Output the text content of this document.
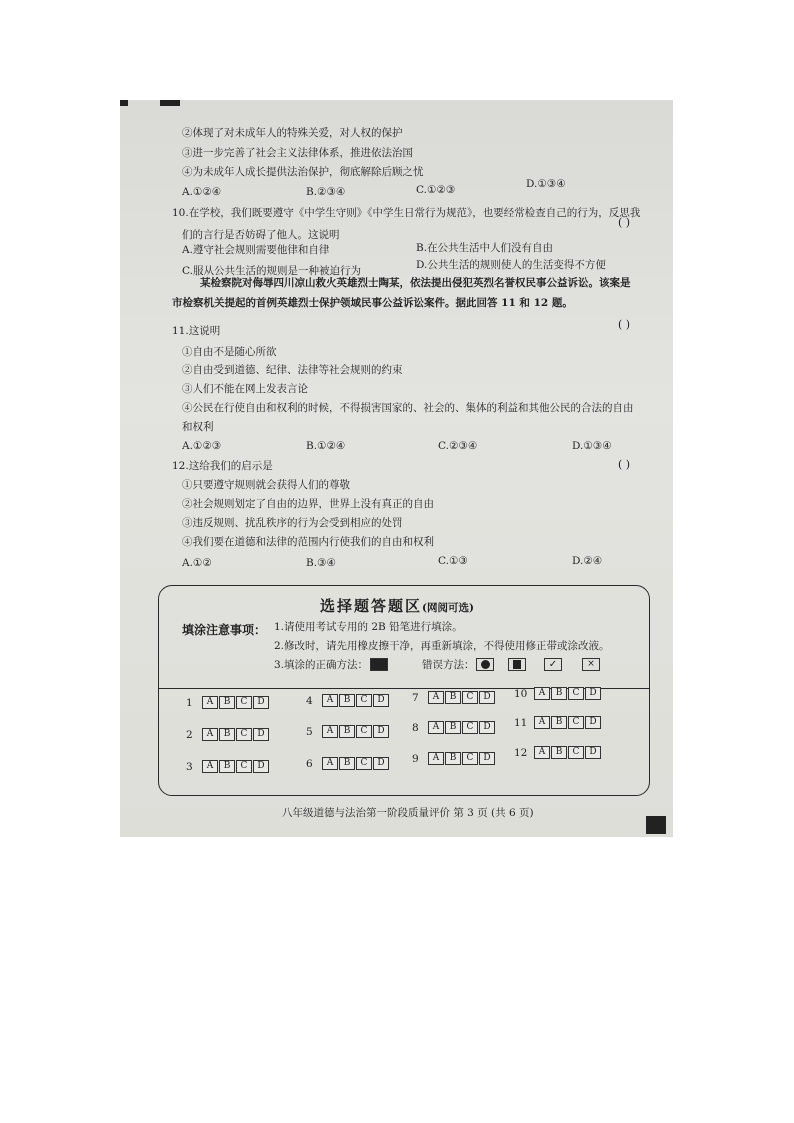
②体现了对未成年人的特殊关爱，对人权的保护
③进一步完善了社会主义法律体系，推进依法治国
④为未成年人成长提供法治保护，彻底解除后顾之忧
A.①②④	B.②③④	C.①②③	D.①③④
10.在学校，我们既要遵守《中学生守则》《中学生日常行为规范》，也要经常检查自己的行为，反思我
( )
们的言行是否妨碍了他人。这说明
A.遵守社会规则需要他律和自律	B.在公共生活中人们没有自由
C.服从公共生活的规则是一种被迫行为	D.公共生活的规则使人的生活变得不方便
某检察院对侮辱四川凉山救火英雄烈士陶某，依法提出侵犯英烈名誉权民事公益诉讼。该案是
市检察机关提起的首例英雄烈士保护领域民事公益诉讼案件。据此回答 11 和 12 题。
11.这说明	( )
①自由不是随心所欲
②自由受到道德、纪律、法律等社会规则的约束
③人们不能在网上发表言论
④公民在行使自由和权利的时候，不得损害国家的、社会的、集体的利益和其他公民的合法的自由
和权利
A.①②③	B.①②④	C.②③④	D.①③④
12.这给我们的启示是	( )
①只要遵守规则就会获得人们的尊敬
②社会规则划定了自由的边界，世界上没有真正的自由
③违反规则、扰乱秩序的行为会受到相应的处罚
④我们要在道德和法律的范围内行使我们的自由和权利
A.①②	B.③④	C.①③	D.②④
选择题答题区(网阅可选)
填涂注意事项： 1.请使用考试专用的 2B 铅笔进行填涂。
2.修改时，请先用橡皮擦干净，再重新填涂，不得使用修正带或涂改液。
3.填涂的正确方法：	错误方法：	✓	×
1	A	B	C	D
2	A	B	C	D
3	A	B	C	D
4	A	B	C	D
5	A	B	C	D
6	A	B	C	D
7	A	B	C	D
8	A	B	C	D
9	A	B	C	D
10	A	B	C	D
11	A	B	C	D
12	A	B	C	D
八年级道德与法治第一阶段质量评价 第 3 页 (共 6 页)
